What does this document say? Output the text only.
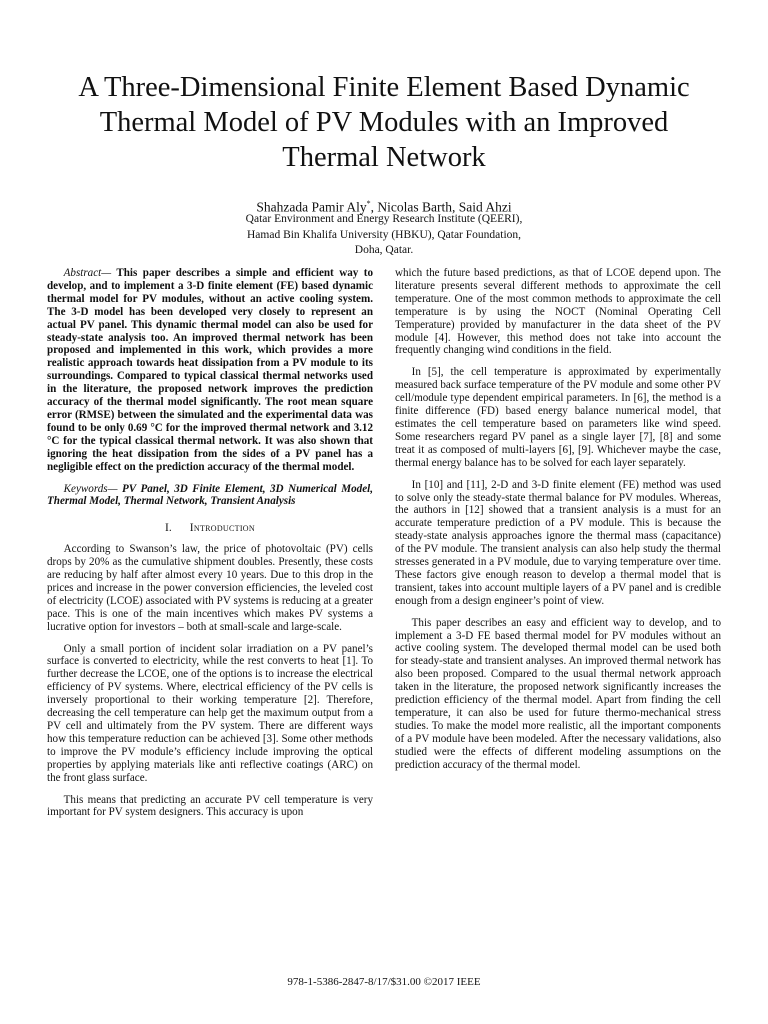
A Three-Dimensional Finite Element Based Dynamic
Thermal Model of PV Modules with an Improved
Thermal Network
Shahzada Pamir Aly*, Nicolas Barth, Said Ahzi
Qatar Environment and Energy Research Institute (QEERI),
Hamad Bin Khalifa University (HBKU), Qatar Foundation,
Doha, Qatar.

Abstract— This paper describes a simple and efficient way to develop, and to implement a 3-D finite element (FE) based dynamic thermal model for PV modules, without an active cooling system. The 3-D model has been developed very closely to represent an actual PV panel. This dynamic thermal model can also be used for steady-state analysis too. An improved thermal network has been proposed and implemented in this work, which provides a more realistic approach towards heat dissipation from a PV module to its surroundings. Compared to typical classical thermal networks used in the literature, the proposed network improves the prediction accuracy of the thermal model significantly. The root mean square error (RMSE) between the simulated and the experimental data was found to be only 0.69 °C for the improved thermal network and 3.12 °C for the typical classical thermal network. It was also shown that ignoring the heat dissipation from the sides of a PV panel has a negligible effect on the prediction accuracy of the thermal model.

Keywords— PV Panel, 3D Finite Element, 3D Numerical Model, Thermal Model, Thermal Network, Transient Analysis

I. Introduction

According to Swanson’s law, the price of photovoltaic (PV) cells drops by 20% as the cumulative shipment doubles. Presently, these costs are reducing by half after almost every 10 years. Due to this drop in the prices and increase in the power conversion efficiencies, the leveled cost of electricity (LCOE) associated with PV systems is reducing at a greater pace. This is one of the main incentives which makes PV systems a lucrative option for investors – both at small-scale and large-scale.

Only a small portion of incident solar irradiation on a PV panel’s surface is converted to electricity, while the rest converts to heat [1]. To further decrease the LCOE, one of the options is to increase the electrical efficiency of PV systems. Where, electrical efficiency of the PV cells is inversely proportional to their working temperature [2]. Therefore, decreasing the cell temperature can help get the maximum output from a PV cell and ultimately from the PV system. There are different ways how this temperature reduction can be achieved [3]. Some other methods to improve the PV module’s efficiency include improving the optical properties by applying materials like anti reflective coatings (ARC) on the front glass surface.

This means that predicting an accurate PV cell temperature is very important for PV system designers. This accuracy is upon

which the future based predictions, as that of LCOE depend upon. The literature presents several different methods to approximate the cell temperature. One of the most common methods to approximate the cell temperature is by using the NOCT (Nominal Operating Cell Temperature) provided by manufacturer in the data sheet of the PV module [4]. However, this method does not take into account the frequently changing wind conditions in the field.

In [5], the cell temperature is approximated by experimentally measured back surface temperature of the PV module and some other PV cell/module type dependent empirical parameters. In [6], the method is a finite difference (FD) based energy balance numerical model, that estimates the cell temperature based on parameters like wind speed. Some researchers regard PV panel as a single layer [7], [8] and some treat it as composed of multi-layers [6], [9]. Whichever maybe the case, thermal energy balance has to be solved for each layer separately.

In [10] and [11], 2-D and 3-D finite element (FE) method was used to solve only the steady-state thermal balance for PV modules. Whereas, the authors in [12] showed that a transient analysis is a must for an accurate temperature prediction of a PV module. This is because the steady-state analysis approaches ignore the thermal mass (capacitance) of the PV module. The transient analysis can also help study the thermal stresses generated in a PV module, due to varying temperature over time. These factors give enough reason to develop a thermal model that is transient, takes into account multiple layers of a PV panel and is credible enough from a design engineer’s point of view.

This paper describes an easy and efficient way to develop, and to implement a 3-D FE based thermal model for PV modules without an active cooling system. The developed thermal model can be used both for steady-state and transient analyses. An improved thermal network has also been proposed. Compared to the usual thermal network approach taken in the literature, the proposed network significantly increases the prediction efficiency of the thermal model. Apart from finding the cell temperature, it can also be used for future thermo-mechanical stress studies. To make the model more realistic, all the important components of a PV module have been modeled. After the necessary validations, also studied were the effects of different modeling assumptions on the prediction accuracy of the thermal model.

978-1-5386-2847-8/17/$31.00 ©2017 IEEE
